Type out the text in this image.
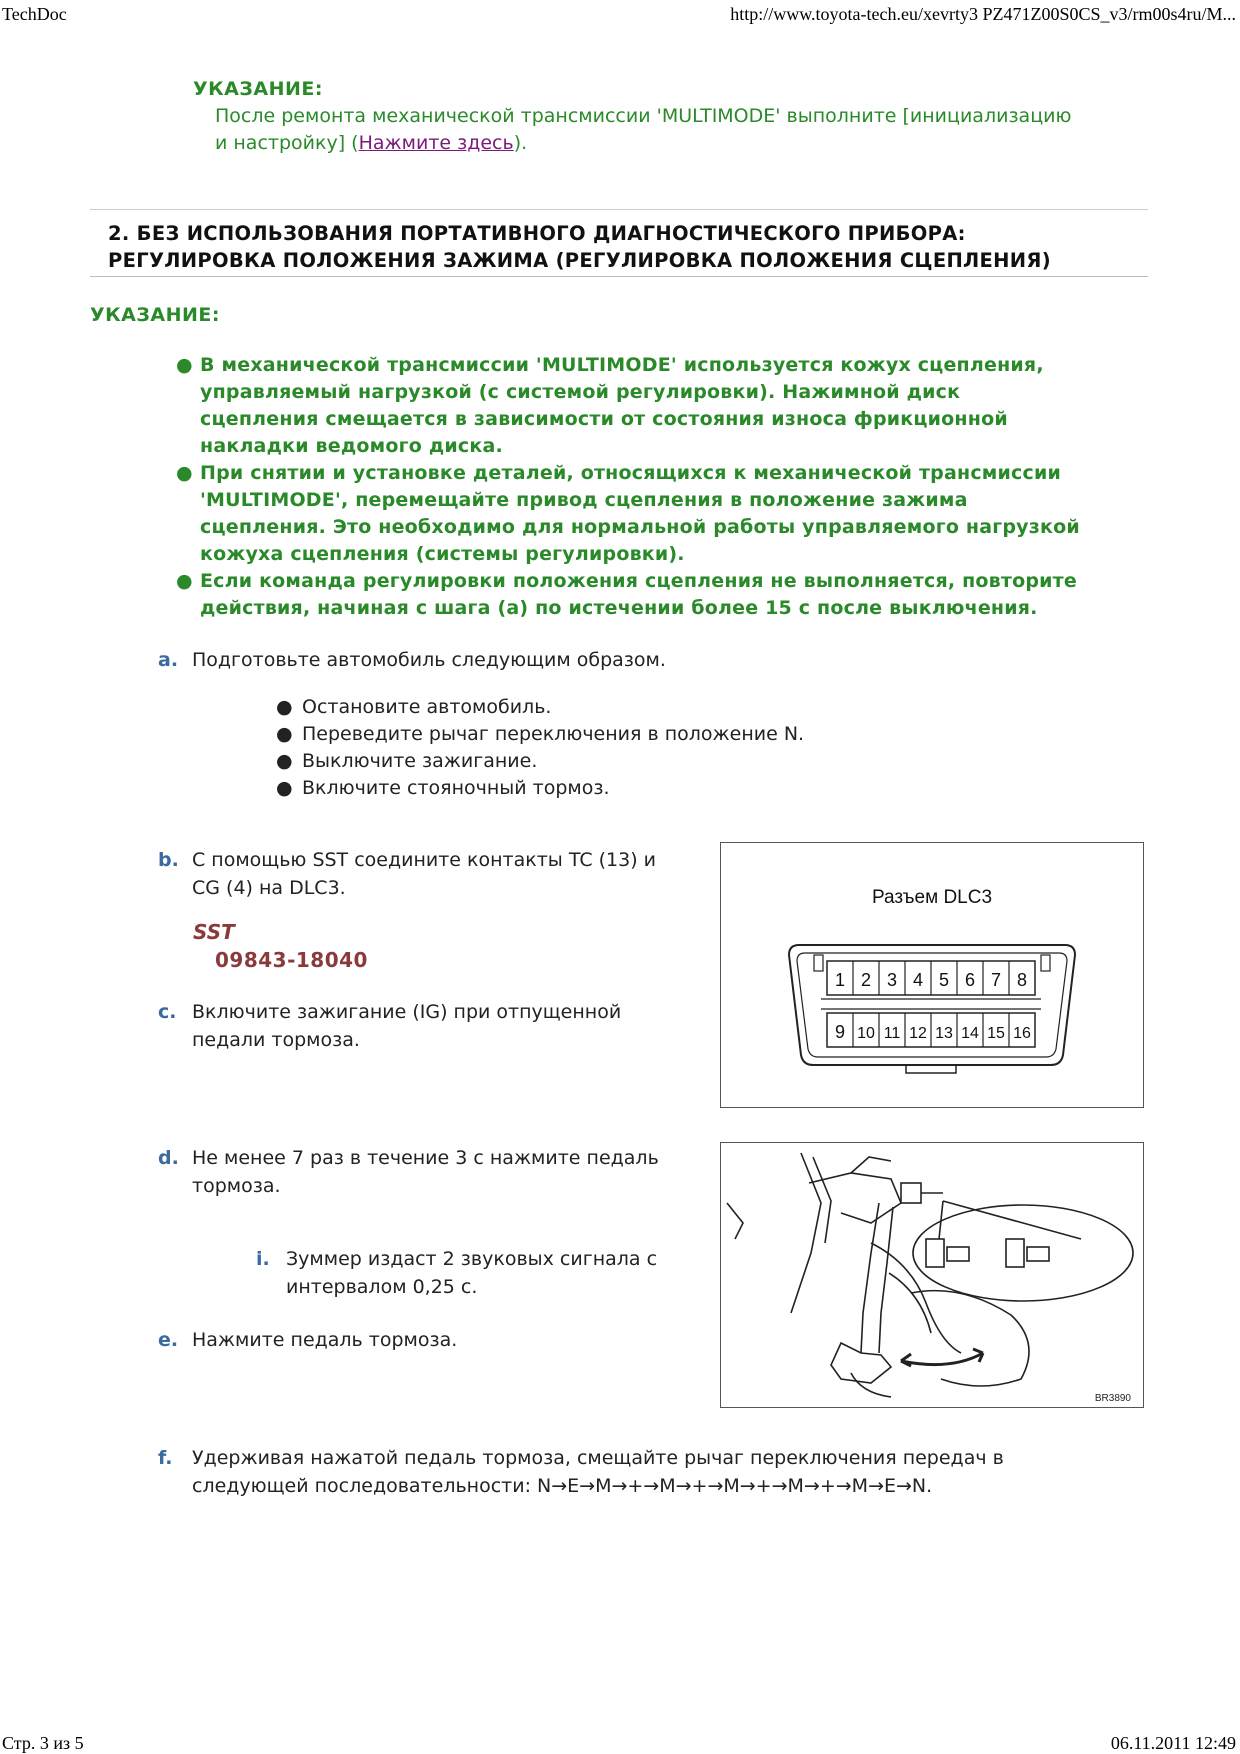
TechDoc	http://www.toyota-tech.eu/xevrty3 PZ471Z00S0CS_v3/rm00s4ru/M...
Стр. 3 из 5	06.11.2011 12:49
УКАЗАНИЕ:
После ремонта механической трансмиссии 'MULTIMODE' выполните [инициализацию
и настройку] (Нажмите здесь).
2. БЕЗ ИСПОЛЬЗОВАНИЯ ПОРТАТИВНОГО ДИАГНОСТИЧЕСКОГО ПРИБОРА:
РЕГУЛИРОВКА ПОЛОЖЕНИЯ ЗАЖИМА (РЕГУЛИРОВКА ПОЛОЖЕНИЯ СЦЕПЛЕНИЯ)
УКАЗАНИЕ:
● В механической трансмиссии 'MULTIMODE' используется кожух сцепления,
управляемый нагрузкой (с системой регулировки). Нажимной диск
сцепления смещается в зависимости от состояния износа фрикционной
накладки ведомого диска.
● При снятии и установке деталей, относящихся к механической трансмиссии
'MULTIMODE', перемещайте привод сцепления в положение зажима
сцепления. Это необходимо для нормальной работы управляемого нагрузкой
кожуха сцепления (системы регулировки).
● Если команда регулировки положения сцепления не выполняется, повторите
действия, начиная с шага (a) по истечении более 15 с после выключения.
a. Подготовьте автомобиль следующим образом.
● Остановите автомобиль.
● Переведите рычаг переключения в положение N.
● Выключите зажигание.
● Включите стояночный тормоз.
b. С помощью SST соедините контакты TC (13) и
CG (4) на DLC3.
SST
09843-18040
c. Включите зажигание (IG) при отпущенной
педали тормоза.
Разъем DLC3
1 2 3 4 5 6 7 8
9 10 11 12 13 14 15 16
d. Не менее 7 раз в течение 3 с нажмите педаль
тормоза.
i. Зуммер издаст 2 звуковых сигнала с
интервалом 0,25 с.
e. Нажмите педаль тормоза.
BR3890
f. Удерживая нажатой педаль тормоза, смещайте рычаг переключения передач в
следующей последовательности: N→E→M→+→M→+→M→+→M→+→M→E→N.
